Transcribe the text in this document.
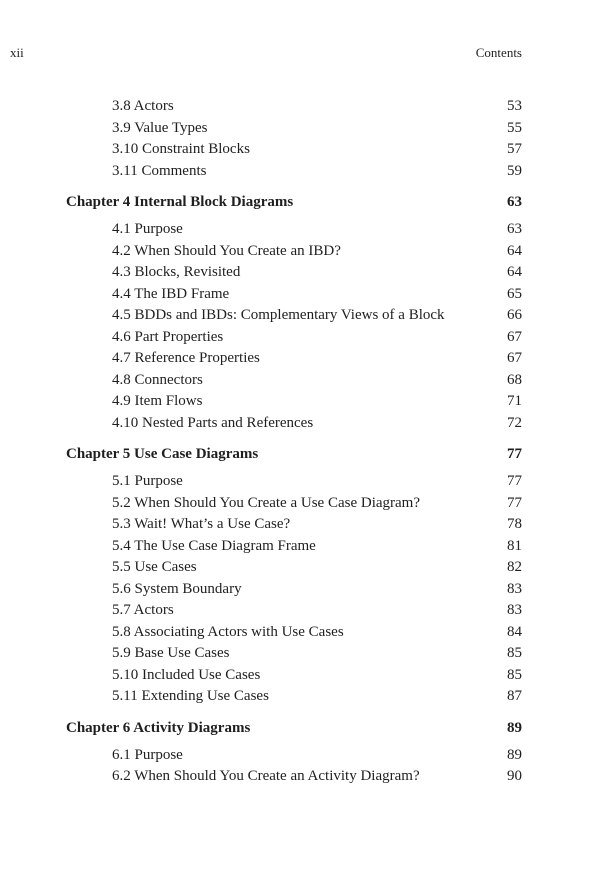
xii	Contents
3.8 Actors	53
3.9 Value Types	55
3.10 Constraint Blocks	57
3.11 Comments	59
Chapter 4 Internal Block Diagrams	63
4.1 Purpose	63
4.2 When Should You Create an IBD?	64
4.3 Blocks, Revisited	64
4.4 The IBD Frame	65
4.5 BDDs and IBDs: Complementary Views of a Block	66
4.6 Part Properties	67
4.7 Reference Properties	67
4.8 Connectors	68
4.9 Item Flows	71
4.10 Nested Parts and References	72
Chapter 5 Use Case Diagrams	77
5.1 Purpose	77
5.2 When Should You Create a Use Case Diagram?	77
5.3 Wait! What’s a Use Case?	78
5.4 The Use Case Diagram Frame	81
5.5 Use Cases	82
5.6 System Boundary	83
5.7 Actors	83
5.8 Associating Actors with Use Cases	84
5.9 Base Use Cases	85
5.10 Included Use Cases	85
5.11 Extending Use Cases	87
Chapter 6 Activity Diagrams	89
6.1 Purpose	89
6.2 When Should You Create an Activity Diagram?	90
